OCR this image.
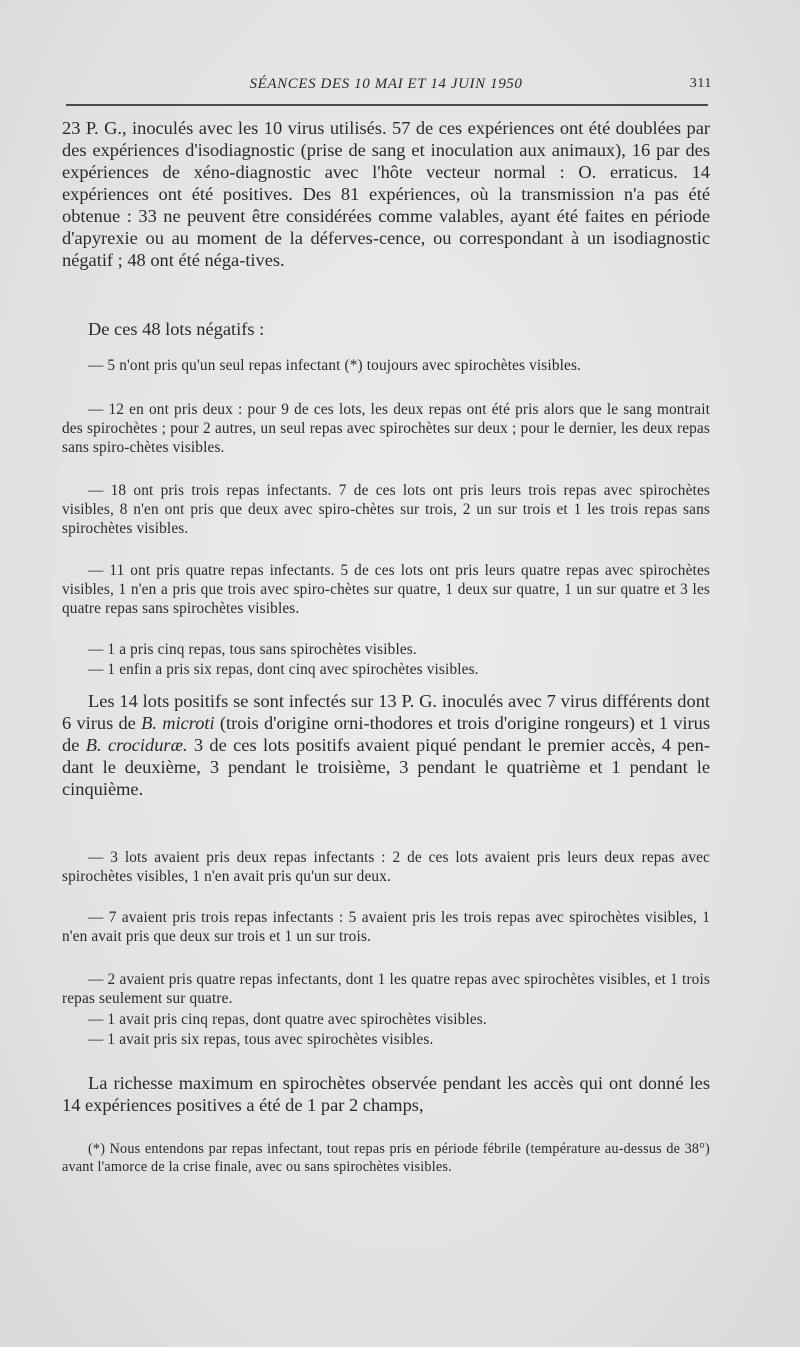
SÉANCES DES 10 MAI ET 14 JUIN 1950	311

23 P. G., inoculés avec les 10 virus utilisés. 57 de ces expériences ont été doublées par des expériences d'isodiagnostic (prise de sang et inoculation aux animaux), 16 par des expériences de xéno-diagnostic avec l'hôte vecteur normal : O. erraticus. 14 expériences ont été positives. Des 81 expériences, où la transmission n'a pas été obtenue : 33 ne peuvent être considérées comme valables, ayant été faites en période d'apyrexie ou au moment de la déferves-cence, ou correspondant à un isodiagnostic négatif ; 48 ont été néga-tives.

De ces 48 lots négatifs :

— 5 n'ont pris qu'un seul repas infectant (*) toujours avec spirochètes visibles.

— 12 en ont pris deux : pour 9 de ces lots, les deux repas ont été pris alors que le sang montrait des spirochètes ; pour 2 autres, un seul repas avec spirochètes sur deux ; pour le dernier, les deux repas sans spiro-chètes visibles.

— 18 ont pris trois repas infectants. 7 de ces lots ont pris leurs trois repas avec spirochètes visibles, 8 n'en ont pris que deux avec spiro-chètes sur trois, 2 un sur trois et 1 les trois repas sans spirochètes visibles.

— 11 ont pris quatre repas infectants. 5 de ces lots ont pris leurs quatre repas avec spirochètes visibles, 1 n'en a pris que trois avec spiro-chètes sur quatre, 1 deux sur quatre, 1 un sur quatre et 3 les quatre repas sans spirochètes visibles.

— 1 a pris cinq repas, tous sans spirochètes visibles.

— 1 enfin a pris six repas, dont cinq avec spirochètes visibles.

Les 14 lots positifs se sont infectés sur 13 P. G. inoculés avec 7 virus différents dont 6 virus de B. microti (trois d'origine orni-thodores et trois d'origine rongeurs) et 1 virus de B. crociduræ. 3 de ces lots positifs avaient piqué pendant le premier accès, 4 pen-dant le deuxième, 3 pendant le troisième, 3 pendant le quatrième et 1 pendant le cinquième.

— 3 lots avaient pris deux repas infectants : 2 de ces lots avaient pris leurs deux repas avec spirochètes visibles, 1 n'en avait pris qu'un sur deux.

— 7 avaient pris trois repas infectants : 5 avaient pris les trois repas avec spirochètes visibles, 1 n'en avait pris que deux sur trois et 1 un sur trois.

— 2 avaient pris quatre repas infectants, dont 1 les quatre repas avec spirochètes visibles, et 1 trois repas seulement sur quatre.

— 1 avait pris cinq repas, dont quatre avec spirochètes visibles.

— 1 avait pris six repas, tous avec spirochètes visibles.

La richesse maximum en spirochètes observée pendant les accès qui ont donné les 14 expériences positives a été de 1 par 2 champs,

(*) Nous entendons par repas infectant, tout repas pris en période fébrile (température au-dessus de 38°) avant l'amorce de la crise finale, avec ou sans spirochètes visibles.
